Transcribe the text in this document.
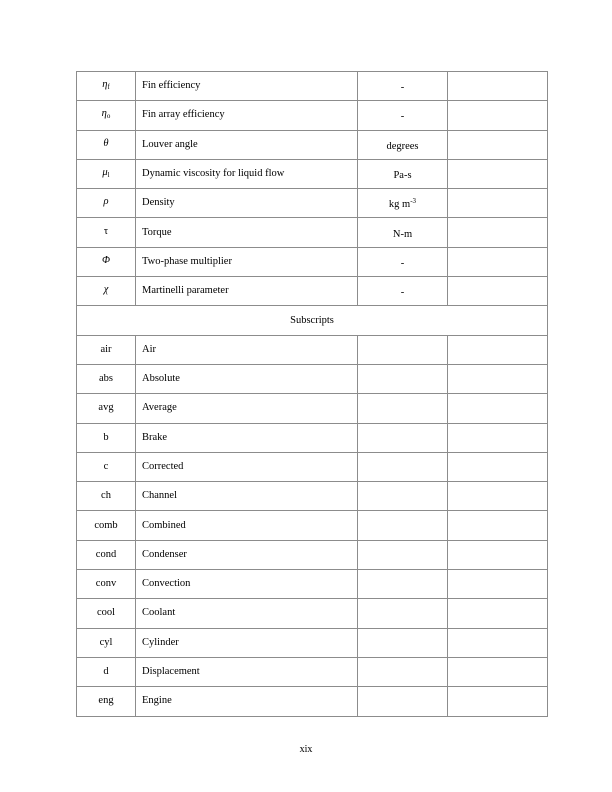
$\eta_f$	Fin efficiency	-	
$\eta_o$	Fin array efficiency	-	
θ	Louver angle	degrees	
$\mu_l$	Dynamic viscosity for liquid flow	Pa-s	
ρ	Density	kg $m^{-3}$	
τ	Torque	N-m	
Φ	Two-phase multiplier	-	
χ	Martinelli parameter	-	
Subscripts			
air	Air		
abs	Absolute		
avg	Average		
b	Brake		
c	Corrected		
ch	Channel		
comb	Combined		
cond	Condenser		
conv	Convection		
cool	Coolant		
cyl	Cylinder		
d	Displacement		
eng	Engine		
xix
